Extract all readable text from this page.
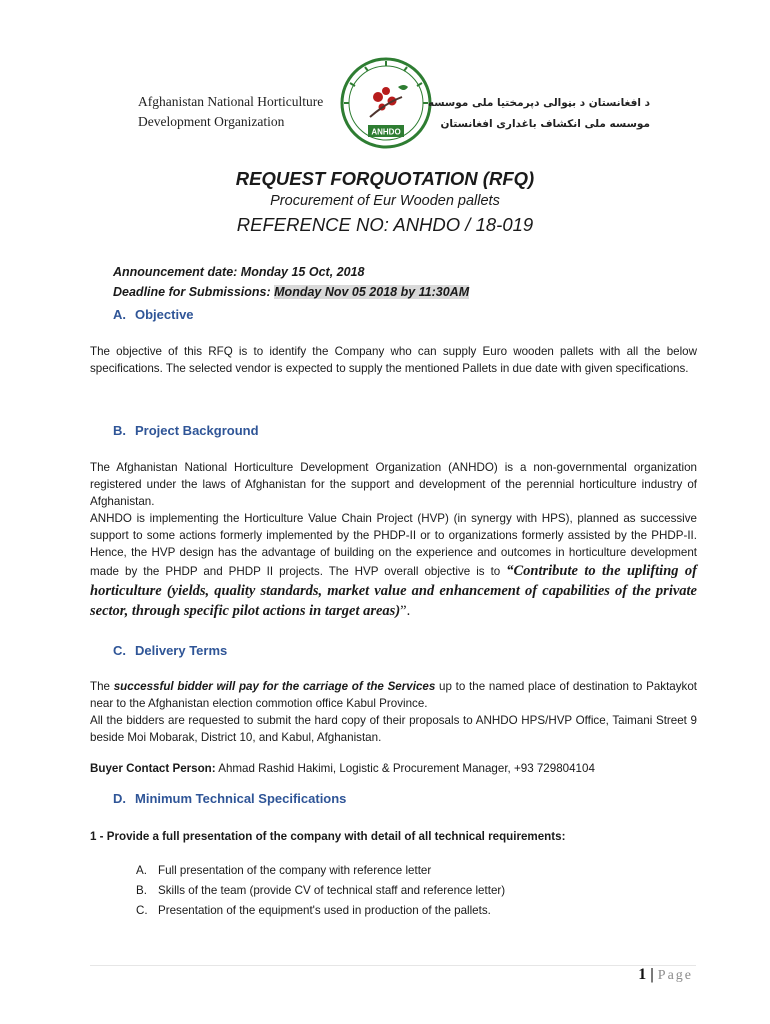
Afghanistan National Horticulture
Development Organization
ANHDO
د افغانستان د بڼوالی دپرمختیا ملی موسسه
موسسه ملی انکشاف باغداری افغانستان
REQUEST FORQUOTATION (RFQ)
Procurement of Eur Wooden pallets
REFERENCE NO: ANHDO / 18-019
Announcement date: Monday 15 Oct, 2018
Deadline for Submissions: Monday Nov 05 2018 by 11:30AM
A. Objective
The objective of this RFQ is to identify the Company who can supply Euro wooden pallets with all the below specifications. The selected vendor is expected to supply the mentioned Pallets in due date with given specifications.
B. Project Background
The Afghanistan National Horticulture Development Organization (ANHDO) is a non-governmental organization registered under the laws of Afghanistan for the support and development of the perennial horticulture industry of Afghanistan.
ANHDO is implementing the Horticulture Value Chain Project (HVP) (in synergy with HPS), planned as successive support to some actions formerly implemented by the PHDP-II or to organizations formerly assisted by the PHDP-II. Hence, the HVP design has the advantage of building on the experience and outcomes in horticulture development made by the PHDP and PHDP II projects. The HVP overall objective is to “Contribute to the uplifting of horticulture (yields, quality standards, market value and enhancement of capabilities of the private sector, through specific pilot actions in target areas)”.
C. Delivery Terms
The successful bidder will pay for the carriage of the Services up to the named place of destination to Paktaykot near to the Afghanistan election commotion office Kabul Province.
All the bidders are requested to submit the hard copy of their proposals to ANHDO HPS/HVP Office, Taimani Street 9 beside Moi Mobarak, District 10, and Kabul, Afghanistan.
Buyer Contact Person: Ahmad Rashid Hakimi, Logistic & Procurement Manager, +93 729804104
D. Minimum Technical Specifications
1 - Provide a full presentation of the company with detail of all technical requirements:
A. Full presentation of the company with reference letter
B. Skills of the team (provide CV of technical staff and reference letter)
C. Presentation of the equipment's used in production of the pallets.
1 | Page
